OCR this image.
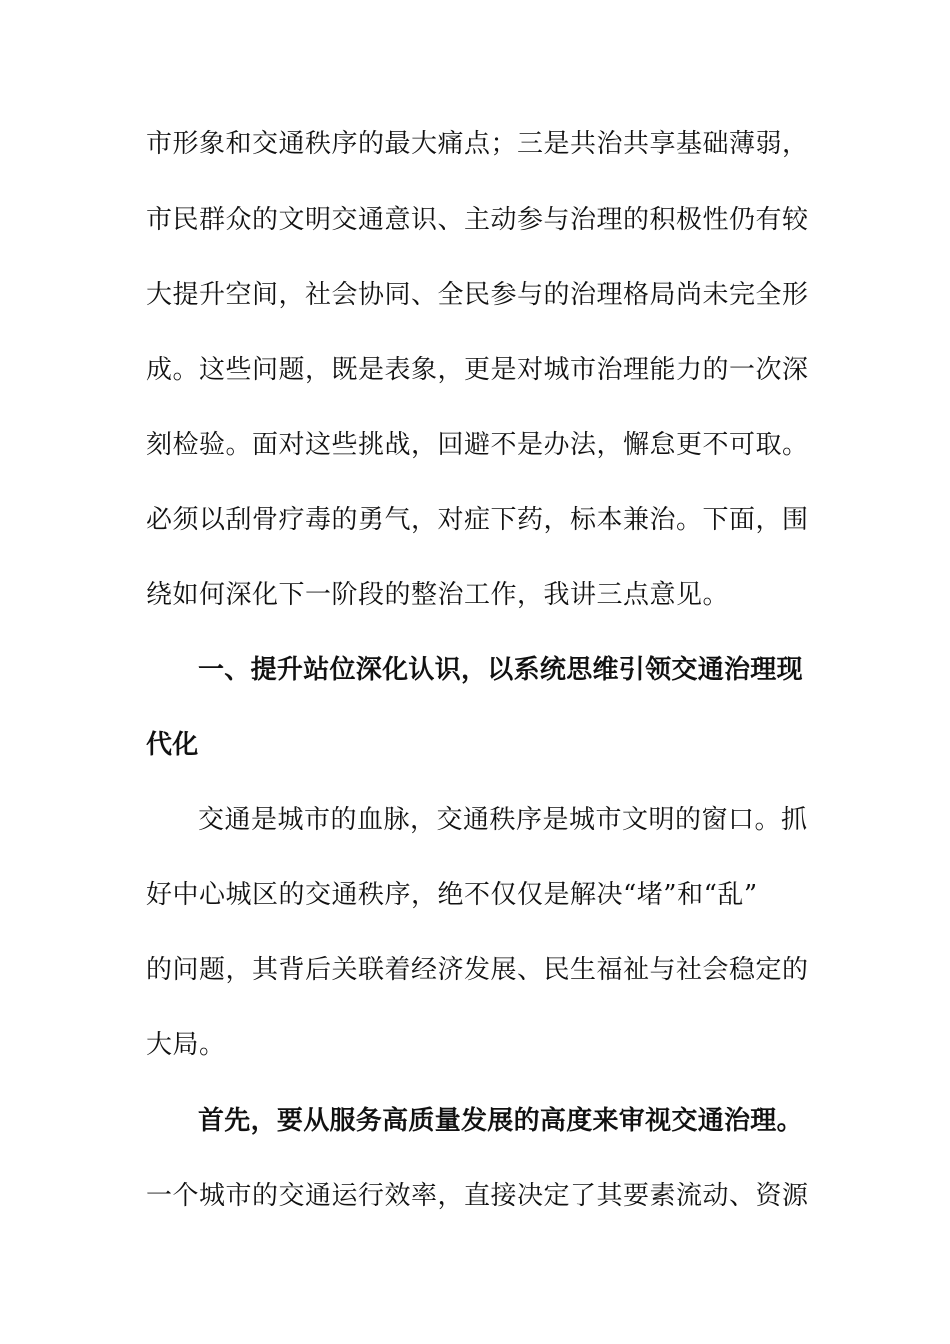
市形象和交通秩序的最大痛点；三是共治共享基础薄弱，
市民群众的文明交通意识、主动参与治理的积极性仍有较
大提升空间，社会协同、全民参与的治理格局尚未完全形
成。这些问题，既是表象，更是对城市治理能力的一次深
刻检验。面对这些挑战，回避不是办法，懈怠更不可取。
必须以刮骨疗毒的勇气，对症下药，标本兼治。下面，围
绕如何深化下一阶段的整治工作，我讲三点意见。
一、提升站位深化认识，以系统思维引领交通治理现
代化
交通是城市的血脉，交通秩序是城市文明的窗口。抓
好中心城区的交通秩序，绝不仅仅是解决“堵”和“乱”
的问题，其背后关联着经济发展、民生福祉与社会稳定的
大局。
首先，要从服务高质量发展的高度来审视交通治理。
一个城市的交通运行效率，直接决定了其要素流动、资源
